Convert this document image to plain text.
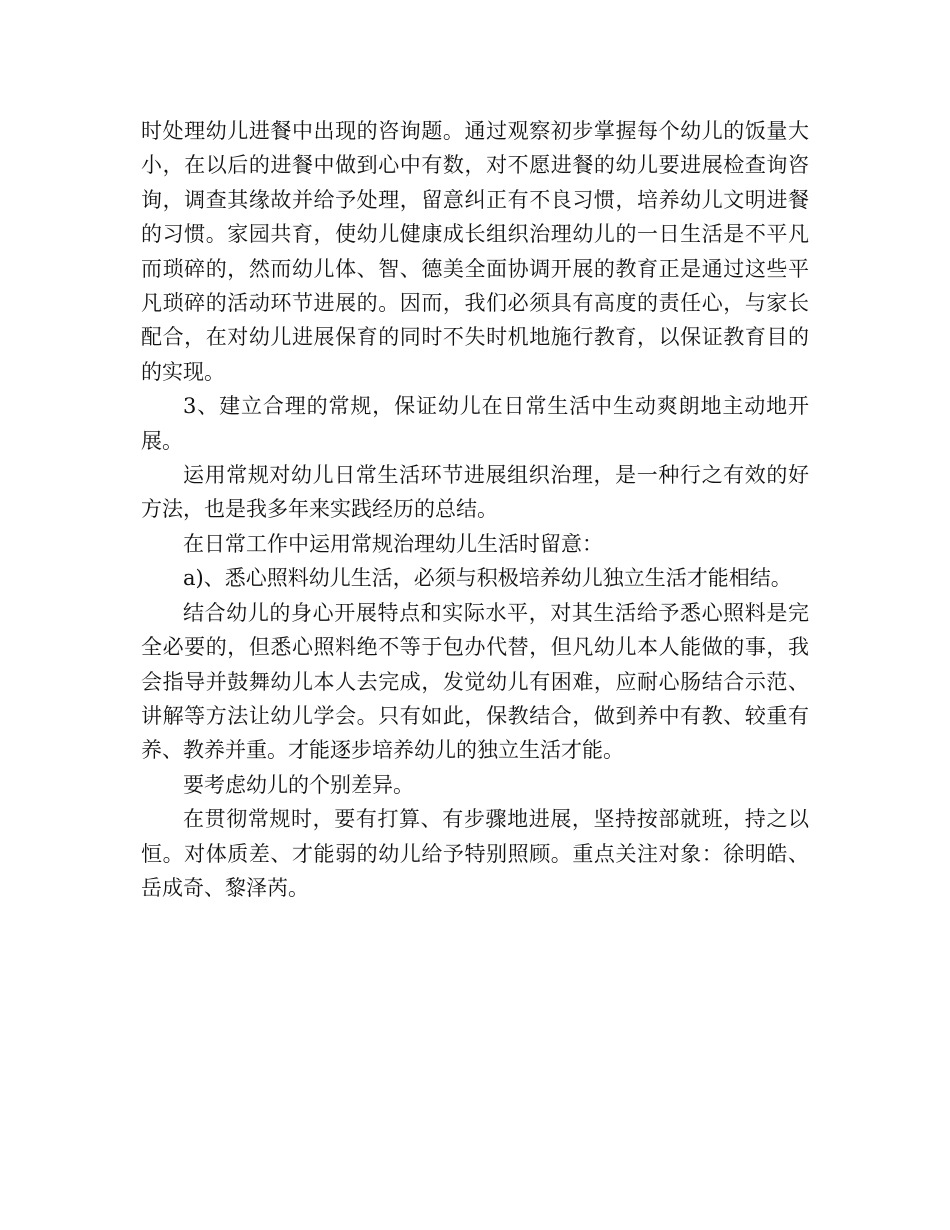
时处理幼儿进餐中出现的咨询题。通过观察初步掌握每个幼儿的饭量大小，在以后的进餐中做到心中有数，对不愿进餐的幼儿要进展检查询咨询，调查其缘故并给予处理，留意纠正有不良习惯，培养幼儿文明进餐的习惯。家园共育，使幼儿健康成长组织治理幼儿的一日生活是不平凡而琐碎的，然而幼儿体、智、德美全面协调开展的教育正是通过这些平凡琐碎的活动环节进展的。因而，我们必须具有高度的责任心，与家长配合，在对幼儿进展保育的同时不失时机地施行教育，以保证教育目的的实现。

3、建立合理的常规，保证幼儿在日常生活中生动爽朗地主动地开展。

运用常规对幼儿日常生活环节进展组织治理，是一种行之有效的好方法，也是我多年来实践经历的总结。

在日常工作中运用常规治理幼儿生活时留意：

a)、悉心照料幼儿生活，必须与积极培养幼儿独立生活才能相结。

结合幼儿的身心开展特点和实际水平，对其生活给予悉心照料是完全必要的，但悉心照料绝不等于包办代替，但凡幼儿本人能做的事，我会指导并鼓舞幼儿本人去完成，发觉幼儿有困难，应耐心肠结合示范、讲解等方法让幼儿学会。只有如此，保教结合，做到养中有教、较重有养、教养并重。才能逐步培养幼儿的独立生活才能。

要考虑幼儿的个别差异。

在贯彻常规时，要有打算、有步骤地进展，坚持按部就班，持之以恒。对体质差、才能弱的幼儿给予特别照顾。重点关注对象：徐明皓、岳成奇、黎泽芮。
